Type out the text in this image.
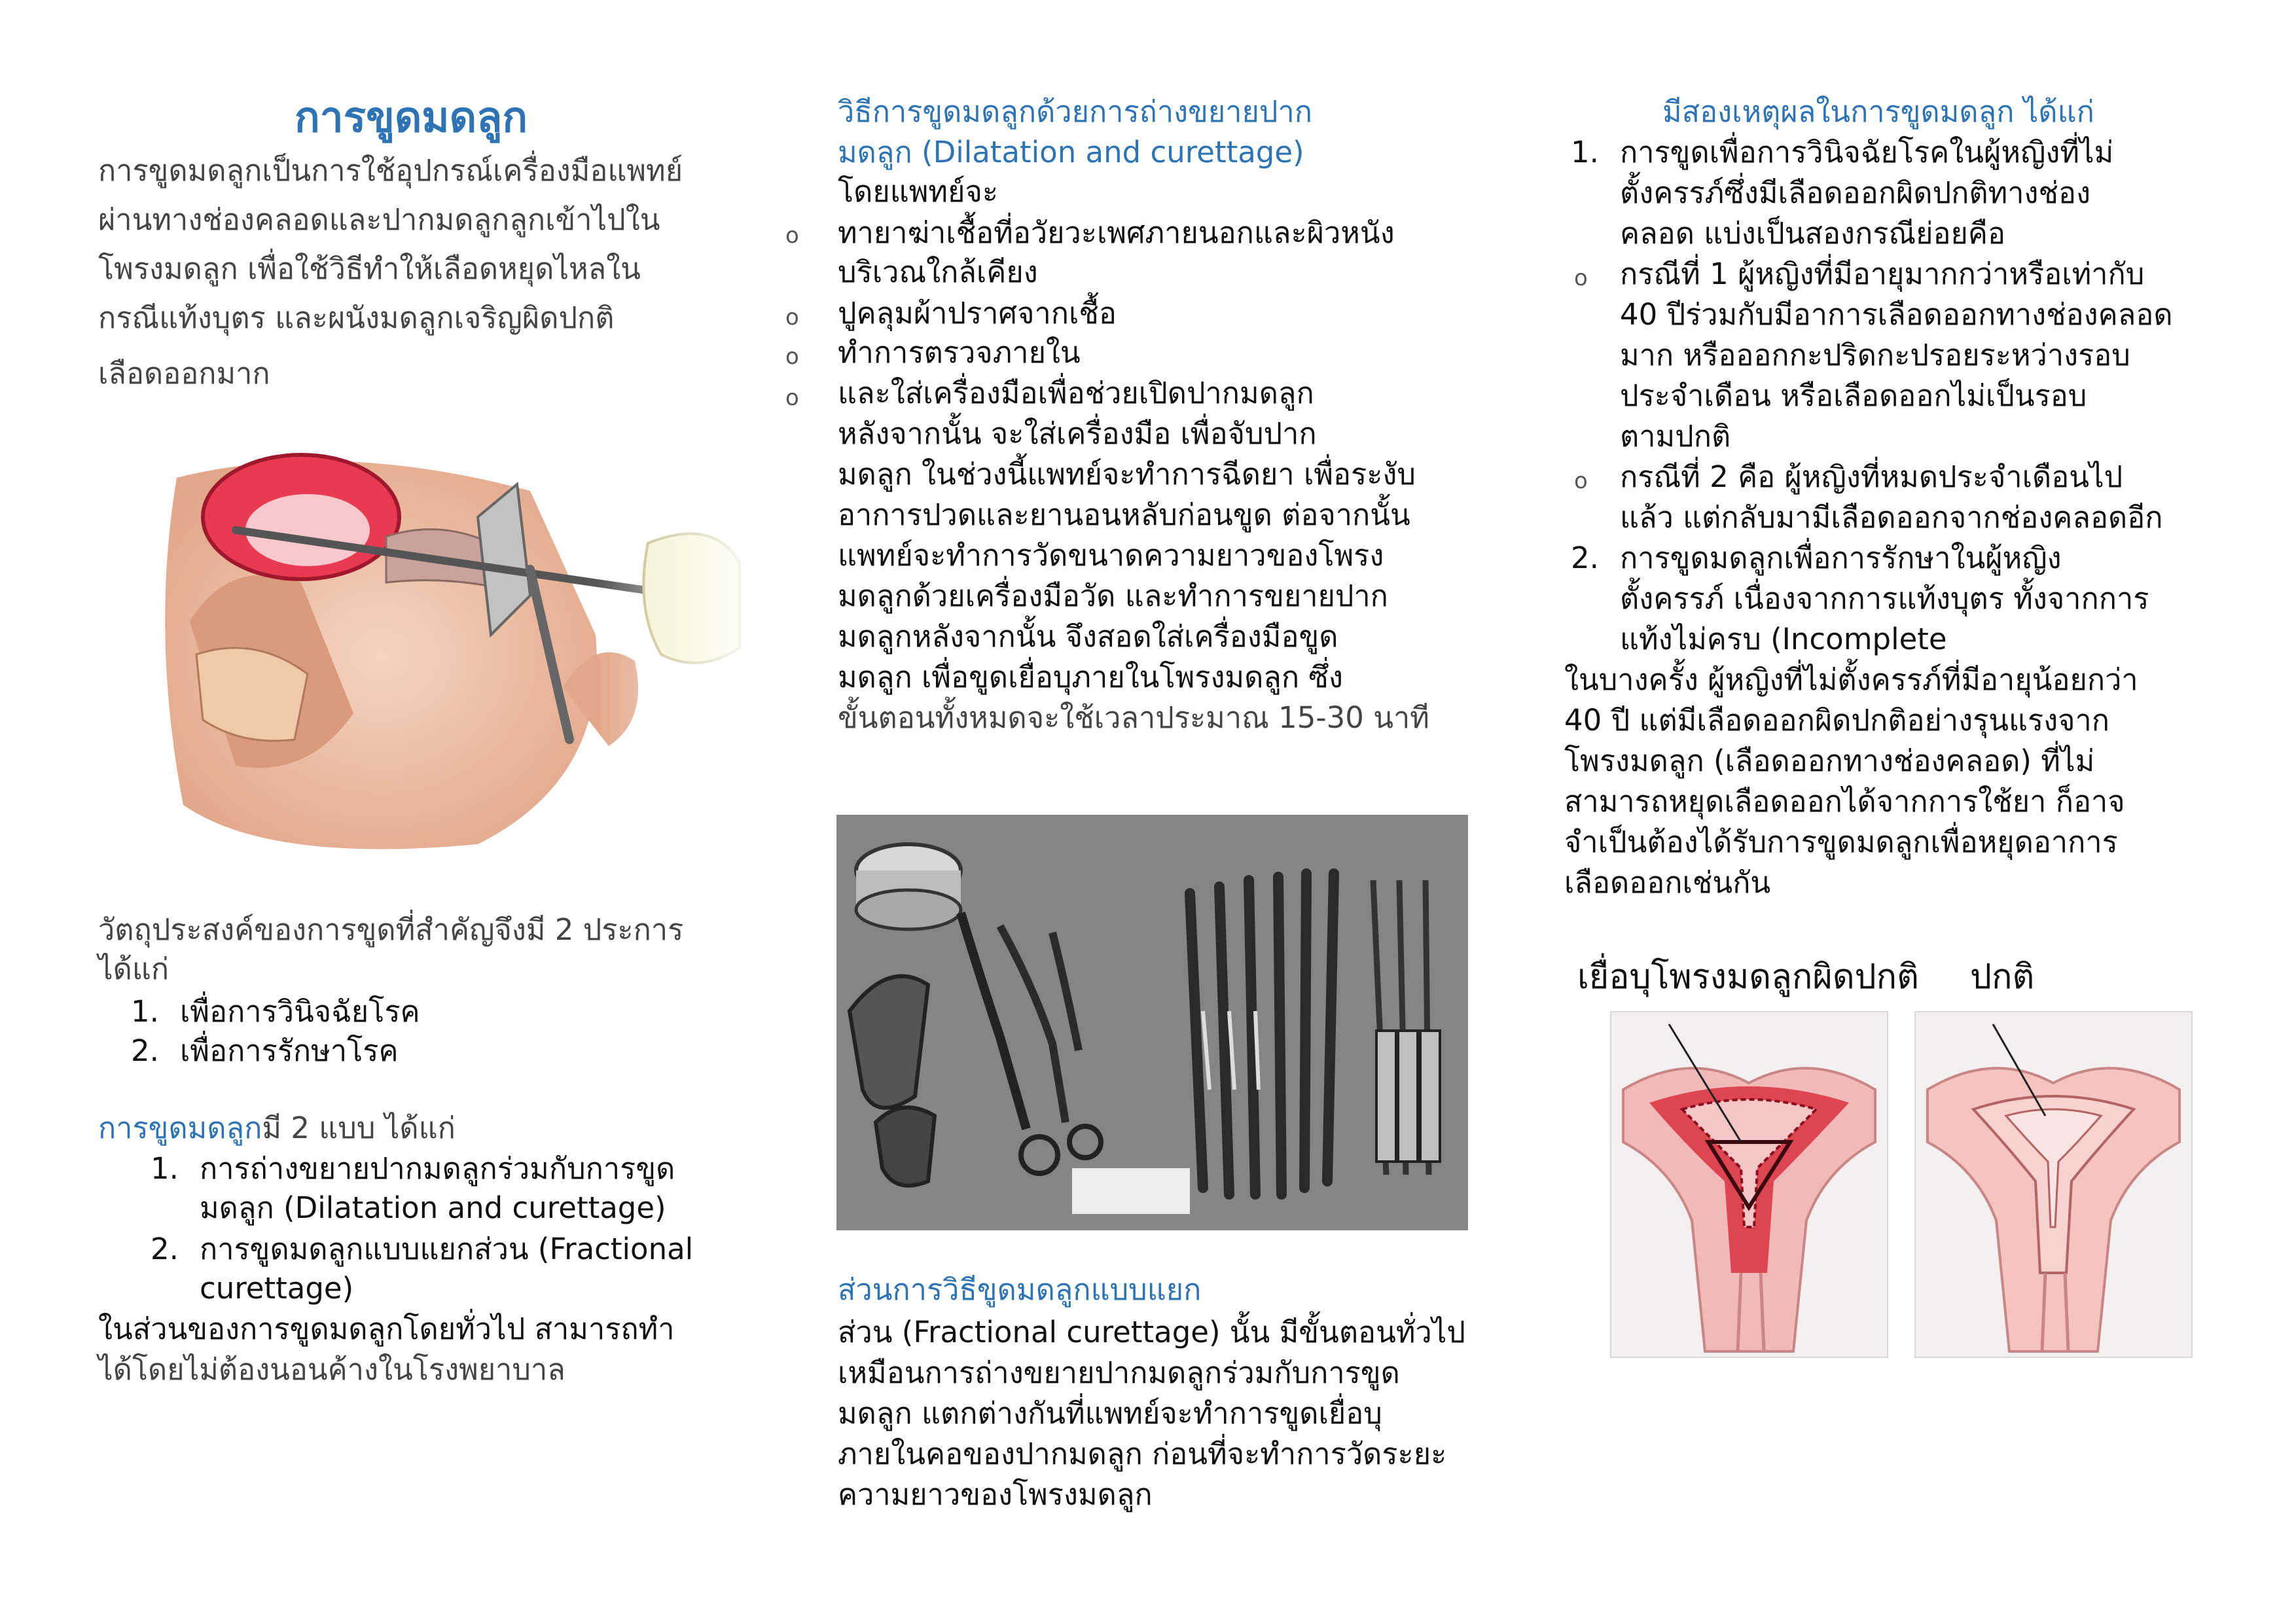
การขูดมดลูก
การขูดมดลูกเป็นการใช้อุปกรณ์เครื่องมือแพทย์
ผ่านทางช่องคลอดและปากมดลูกลูกเข้าไปใน
โพรงมดลูก เพื่อใช้วิธีทำให้เลือดหยุดไหลใน
กรณีแท้งบุตร และผนังมดลูกเจริญผิดปกติ
เลือดออกมาก
วัตถุประสงค์ของการขูดที่สำคัญจึงมี 2 ประการ
ได้แก่
1. เพื่อการวินิจฉัยโรค
2. เพื่อการรักษาโรค
การขูดมดลูกมี 2 แบบ ได้แก่
1. การถ่างขยายปากมดลูกร่วมกับการขูด
มดลูก (Dilatation and curettage)
2. การขูดมดลูกแบบแยกส่วน (Fractional
curettage)
ในส่วนของการขูดมดลูกโดยทั่วไป สามารถทำ
ได้โดยไม่ต้องนอนค้างในโรงพยาบาล
วิธีการขูดมดลูกด้วยการถ่างขยายปาก
มดลูก (Dilatation and curettage)
โดยแพทย์จะ
o ทายาฆ่าเชื้อที่อวัยวะเพศภายนอกและผิวหนัง
บริเวณใกล้เคียง
o ปูคลุมผ้าปราศจากเชื้อ
o ทำการตรวจภายใน
o และใส่เครื่องมือเพื่อช่วยเปิดปากมดลูก
หลังจากนั้น จะใส่เครื่องมือ เพื่อจับปาก
มดลูก ในช่วงนี้แพทย์จะทำการฉีดยา เพื่อระงับ
อาการปวดและยานอนหลับก่อนขูด ต่อจากนั้น
แพทย์จะทำการวัดขนาดความยาวของโพรง
มดลูกด้วยเครื่องมือวัด และทำการขยายปาก
มดลูกหลังจากนั้น จึงสอดใส่เครื่องมือขูด
มดลูก เพื่อขูดเยื่อบุภายในโพรงมดลูก ซึ่ง
ขั้นตอนทั้งหมดจะใช้เวลาประมาณ 15-30 นาที
ส่วนการวิธีขูดมดลูกแบบแยก
ส่วน (Fractional curettage) นั้น มีขั้นตอนทั่วไป
เหมือนการถ่างขยายปากมดลูกร่วมกับการขูด
มดลูก แตกต่างกันที่แพทย์จะทำการขูดเยื่อบุ
ภายในคอของปากมดลูก ก่อนที่จะทำการวัดระยะ
ความยาวของโพรงมดลูก
มีสองเหตุผลในการขูดมดลูก ได้แก่
1. การขูดเพื่อการวินิจฉัยโรคในผู้หญิงที่ไม่
ตั้งครรภ์ซึ่งมีเลือดออกผิดปกติทางช่อง
คลอด แบ่งเป็นสองกรณีย่อยคือ
o กรณีที่ 1 ผู้หญิงที่มีอายุมากกว่าหรือเท่ากับ
40 ปีร่วมกับมีอาการเลือดออกทางช่องคลอด
มาก หรือออกกะปริดกะปรอยระหว่างรอบ
ประจำเดือน หรือเลือดออกไม่เป็นรอบ
ตามปกติ
o กรณีที่ 2 คือ ผู้หญิงที่หมดประจำเดือนไป
แล้ว แต่กลับมามีเลือดออกจากช่องคลอดอีก
2. การขูดมดลูกเพื่อการรักษาในผู้หญิง
ตั้งครรภ์ เนื่องจากการแท้งบุตร ทั้งจากการ
แท้งไม่ครบ (Incomplete
ในบางครั้ง ผู้หญิงที่ไม่ตั้งครรภ์ที่มีอายุน้อยกว่า
40 ปี แต่มีเลือดออกผิดปกติอย่างรุนแรงจาก
โพรงมดลูก (เลือดออกทางช่องคลอด) ที่ไม่
สามารถหยุดเลือดออกได้จากการใช้ยา ก็อาจ
จำเป็นต้องได้รับการขูดมดลูกเพื่อหยุดอาการ
เลือดออกเช่นกัน
เยื่อบุโพรงมดลูกผิดปกติ ปกติ
